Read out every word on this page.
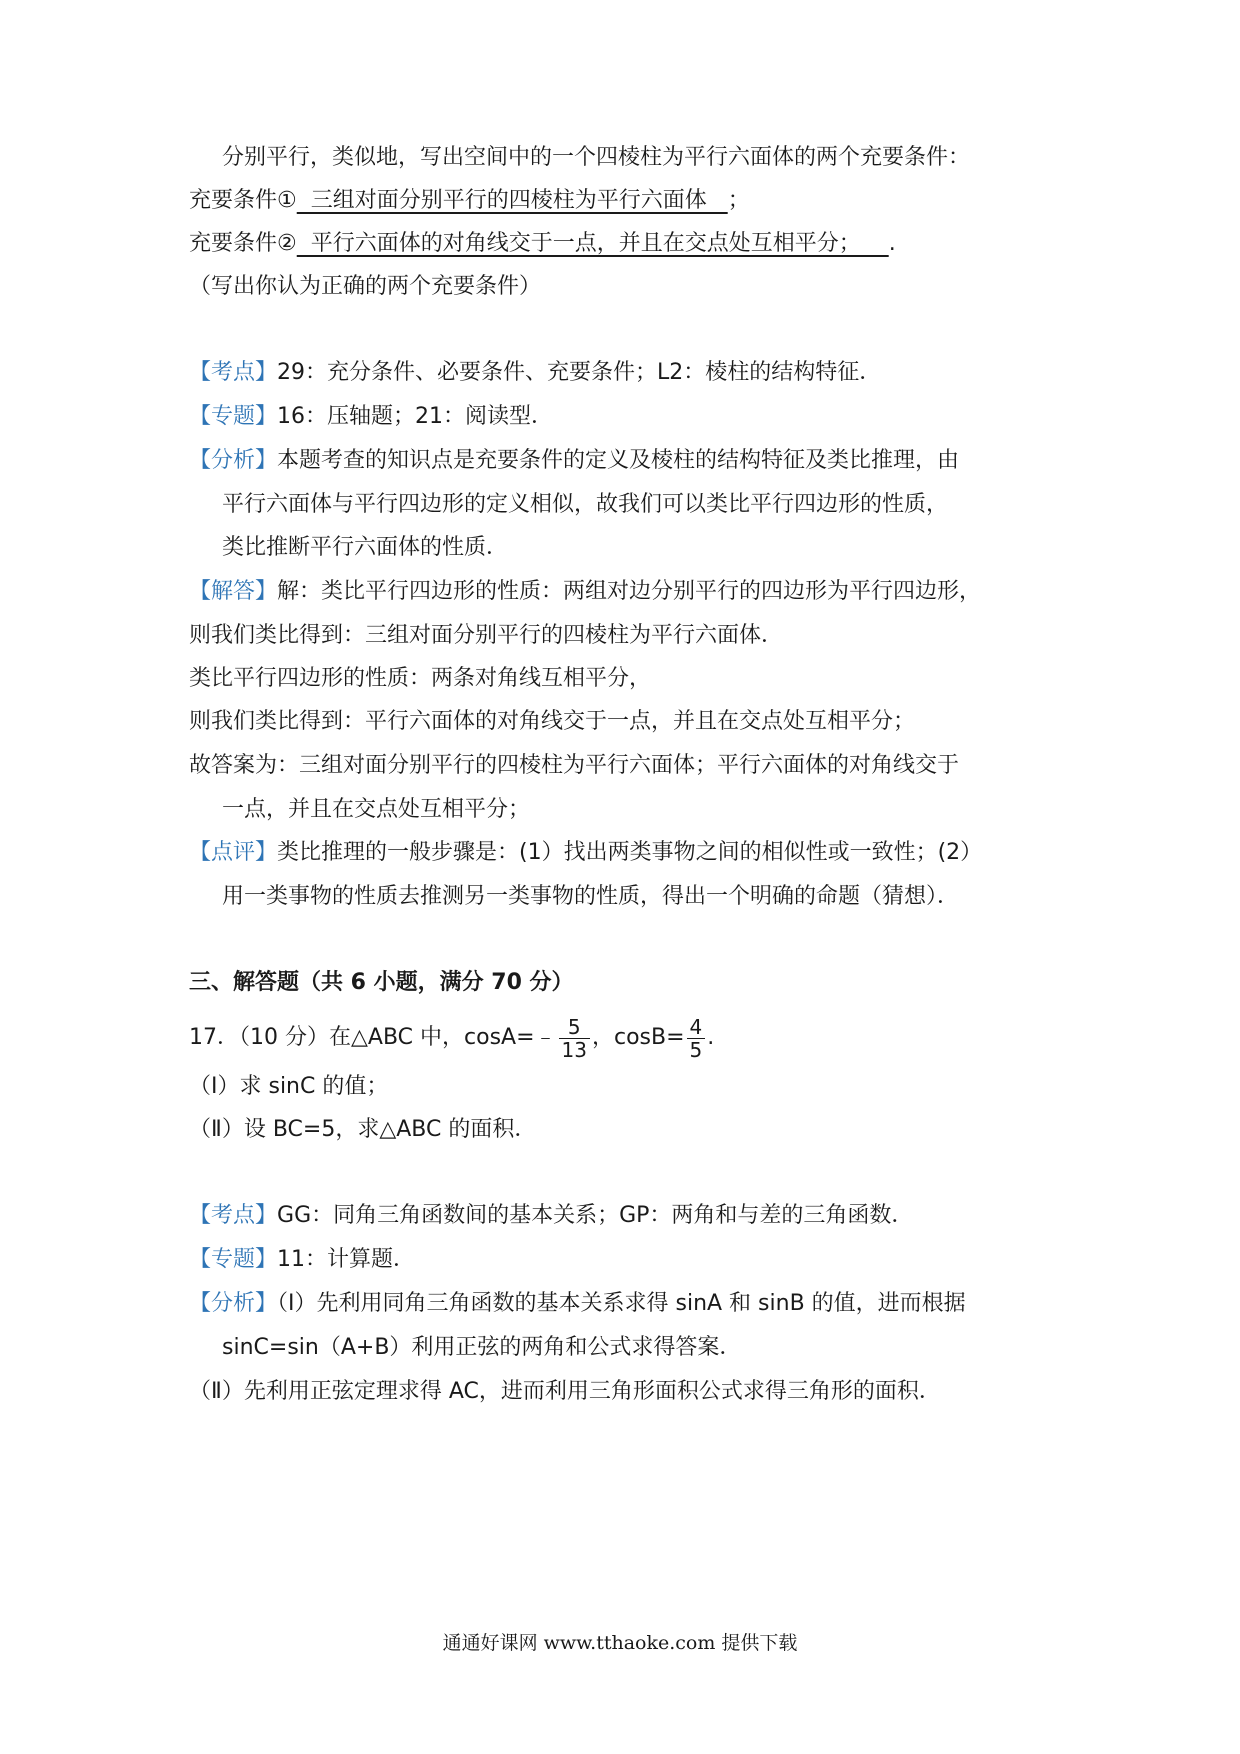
分别平行，类似地，写出空间中的一个四棱柱为平行六面体的两个充要条件：
充要条件①  三组对面分别平行的四棱柱为平行六面体   ；
充要条件②  平行六面体的对角线交于一点，并且在交点处互相平分；    .
（写出你认为正确的两个充要条件）
【考点】29：充分条件、必要条件、充要条件；L2：棱柱的结构特征．
【专题】16：压轴题；21：阅读型．
【分析】本题考查的知识点是充要条件的定义及棱柱的结构特征及类比推理，由
平行六面体与平行四边形的定义相似，故我们可以类比平行四边形的性质，
类比推断平行六面体的性质．
【解答】解：类比平行四边形的性质：两组对边分别平行的四边形为平行四边形，
则我们类比得到：三组对面分别平行的四棱柱为平行六面体．
类比平行四边形的性质：两条对角线互相平分，
则我们类比得到：平行六面体的对角线交于一点，并且在交点处互相平分；
故答案为：三组对面分别平行的四棱柱为平行六面体；平行六面体的对角线交于
一点，并且在交点处互相平分；
【点评】类比推理的一般步骤是：(1）找出两类事物之间的相似性或一致性；(2）
用一类事物的性质去推测另一类事物的性质，得出一个明确的命题（猜想）．
三、解答题（共 6 小题，满分 70 分）
17．（10 分）在△ABC 中，cosA=﹣ $\frac{5}{13}$ ，$\cos B= \frac{4}{5}$ .
（Ⅰ）求 sinC 的值；
（Ⅱ）设 BC=5，求△ABC 的面积．
【考点】GG：同角三角函数间的基本关系；GP：两角和与差的三角函数．
【专题】11：计算题．
【分析】（Ⅰ）先利用同角三角函数的基本关系求得 sinA 和 sinB 的值，进而根据
sinC=sin（A+B）利用正弦的两角和公式求得答案．
（Ⅱ）先利用正弦定理求得 AC，进而利用三角形面积公式求得三角形的面积．
通通好课网 www.tthaoke.com 提供下载
